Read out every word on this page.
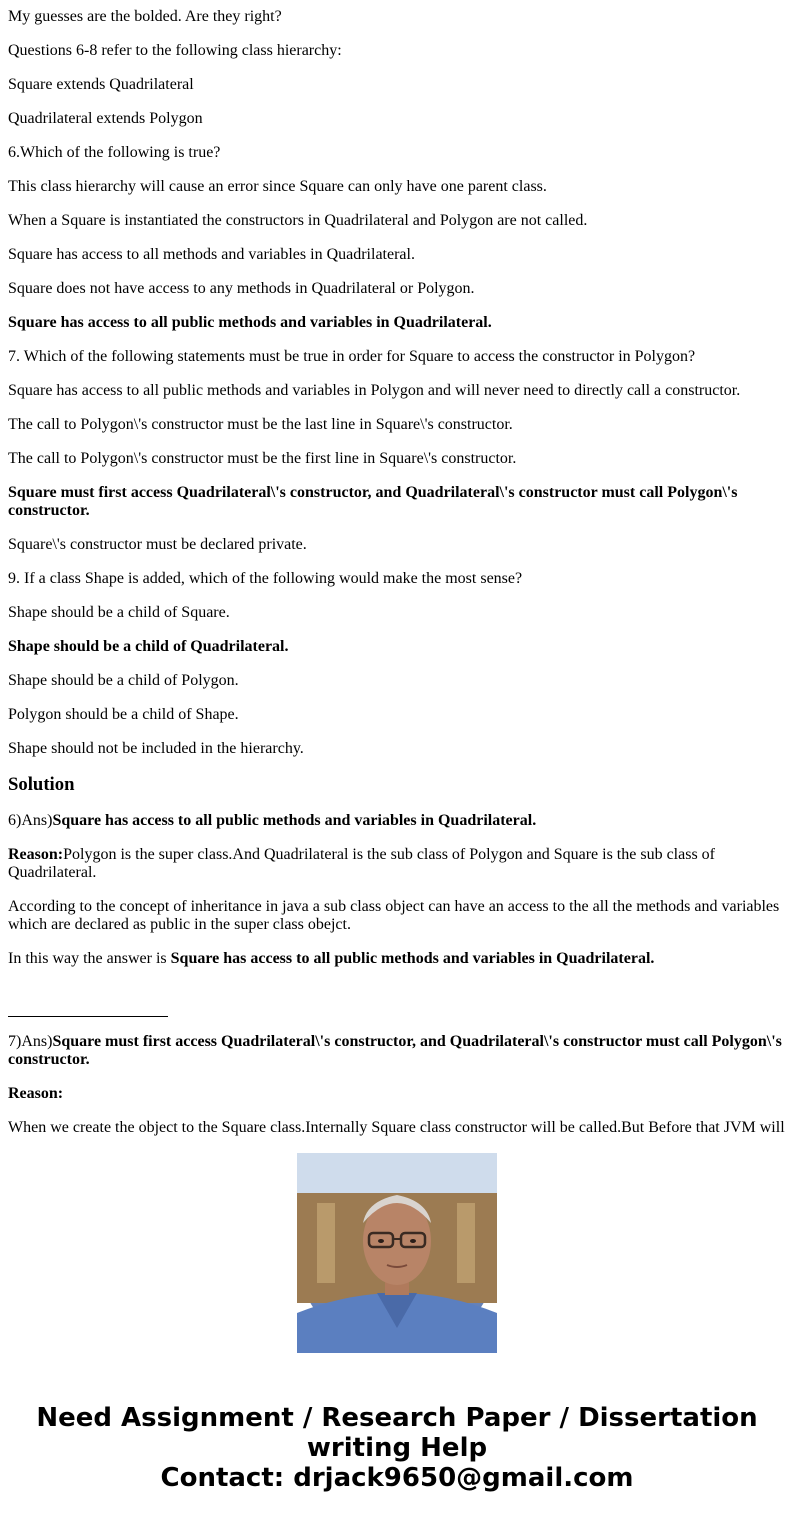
My guesses are the bolded. Are they right?

Questions 6-8 refer to the following class hierarchy:

Square extends Quadrilateral

Quadrilateral extends Polygon

6.Which of the following is true?

This class hierarchy will cause an error since Square can only have one parent class.

When a Square is instantiated the constructors in Quadrilateral and Polygon are not called.

Square has access to all methods and variables in Quadrilateral.

Square does not have access to any methods in Quadrilateral or Polygon.

Square has access to all public methods and variables in Quadrilateral.

7. Which of the following statements must be true in order for Square to access the constructor in Polygon?

Square has access to all public methods and variables in Polygon and will never need to directly call a constructor.

The call to Polygon\'s constructor must be the last line in Square\'s constructor.

The call to Polygon\'s constructor must be the first line in Square\'s constructor.

Square must first access Quadrilateral\'s constructor, and Quadrilateral\'s constructor must call Polygon\'s constructor.

Square\'s constructor must be declared private.

9. If a class Shape is added, which of the following would make the most sense?

Shape should be a child of Square.

Shape should be a child of Quadrilateral.

Shape should be a child of Polygon.

Polygon should be a child of Shape.

Shape should not be included in the hierarchy.

Solution

6)Ans)Square has access to all public methods and variables in Quadrilateral.

Reason:Polygon is the super class.And Quadrilateral is the sub class of Polygon and Square is the sub class of Quadrilateral.

According to the concept of inheritance in java a sub class object can have an access to the all the methods and variables which are declared as public in the super class obejct.

In this way the answer is Square has access to all public methods and variables in Quadrilateral.

7)Ans)Square must first access Quadrilateral\'s constructor, and Quadrilateral\'s constructor must call Polygon\'s constructor.

Reason:

When we create the object to the Square class.Internally Square class constructor will be called.But Before that JVM will

Need Assignment / Research Paper / Dissertation
writing Help
Contact: drjack9650@gmail.com
